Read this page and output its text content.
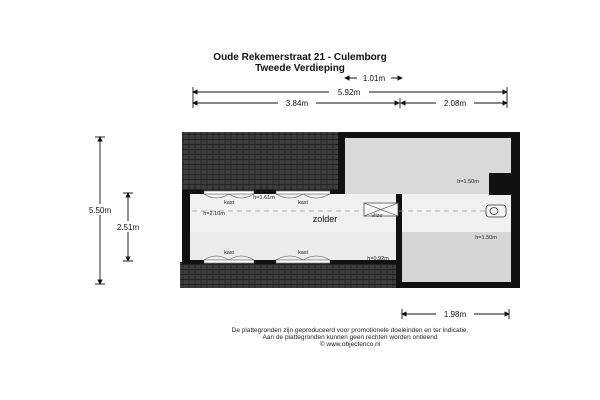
Oude Rekemerstraat 21 - Culemborg
Tweede Verdieping
1.01m
5.92m
3.84m	2.08m
5.50m
2.51m
1.98m
zolder	vlizo
kast	kast
kast	kast
h=1.61m
h=2.10m
h=0.92m
h=1.50m
h=1.50m
De plattegronden zijn geproduceerd voor promotionele doeleinden en ter indicatie.
Aan de plattegronden kunnen geen rechten worden ontleend
© www.objectenco.nl
